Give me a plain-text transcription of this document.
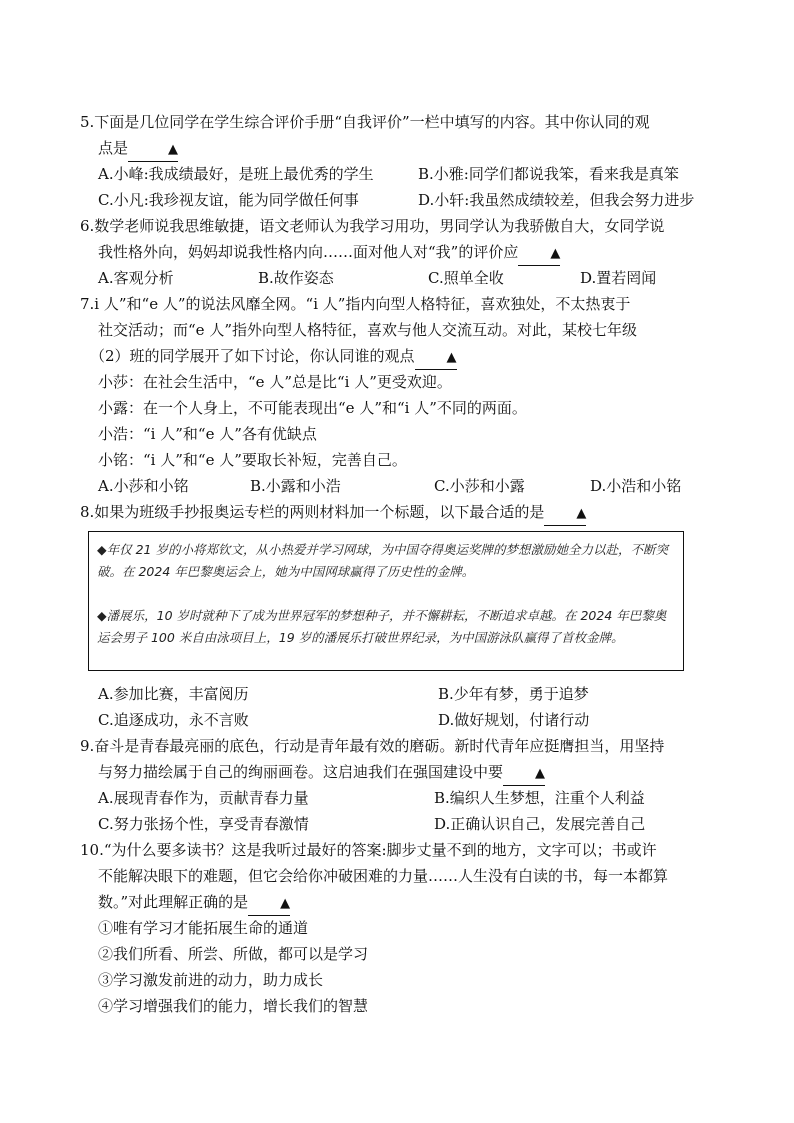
5.下面是几位同学在学生综合评价手册“自我评价”一栏中填写的内容。其中你认同的观
点是	▲
A.小峰:我成绩最好，是班上最优秀的学生	B.小雅:同学们都说我笨，看来我是真笨
C.小凡:我珍视友谊，能为同学做任何事	D.小轩:我虽然成绩较差，但我会努力进步
6.数学老师说我思维敏捷，语文老师认为我学习用功，男同学认为我骄傲自大，女同学说
我性格外向，妈妈却说我性格内向……面对他人对“我”的评价应 ▲
A.客观分析	B.故作姿态	C.照单全收	D.置若罔闻
7.i 人”和“e 人”的说法风靡全网。“i 人”指内向型人格特征，喜欢独处，不太热衷于
社交活动；而“e 人”指外向型人格特征，喜欢与他人交流互动。对此，某校七年级
（2）班的同学展开了如下讨论，你认同谁的观点 ▲
小莎：在社会生活中，“e 人”总是比“i 人”更受欢迎。
小露：在一个人身上，不可能表现出“e 人”和“i 人”不同的两面。
小浩：“i 人”和“e 人”各有优缺点
小铭：“i 人”和“e 人”要取长补短，完善自己。
A.小莎和小铭	B.小露和小浩	C.小莎和小露	D.小浩和小铭
8.如果为班级手抄报奥运专栏的两则材料加一个标题，以下最合适的是 ▲
◆年仅 21 岁的小将郑钦文，从小热爱并学习网球，为中国夺得奥运奖牌的梦想激励她全力以赴，不断突破。在 2024 年巴黎奥运会上，她为中国网球赢得了历史性的金牌。
◆潘展乐，10 岁时就种下了成为世界冠军的梦想种子，并不懈耕耘，不断追求卓越。在 2024 年巴黎奥运会男子 100 米自由泳项目上，19 岁的潘展乐打破世界纪录，为中国游泳队赢得了首枚金牌。
A.参加比赛，丰富阅历	B.少年有梦，勇于追梦
C.追逐成功，永不言败	D.做好规划，付诸行动
9.奋斗是青春最亮丽的底色，行动是青年最有效的磨砺。新时代青年应挺膺担当，用坚持
与努力描绘属于自己的绚丽画卷。这启迪我们在强国建设中要 ▲
A.展现青春作为，贡献青春力量	B.编织人生梦想，注重个人利益
C.努力张扬个性，享受青春激情	D.正确认识自己，发展完善自己
10.“为什么要多读书？这是我听过最好的答案:脚步丈量不到的地方，文字可以；书或许
不能解决眼下的难题，但它会给你冲破困难的力量……人生没有白读的书，每一本都算
数。”对此理解正确的是 ▲
①唯有学习才能拓展生命的通道
②我们所看、所尝、所做，都可以是学习
③学习激发前进的动力，助力成长
④学习增强我们的能力，增长我们的智慧
